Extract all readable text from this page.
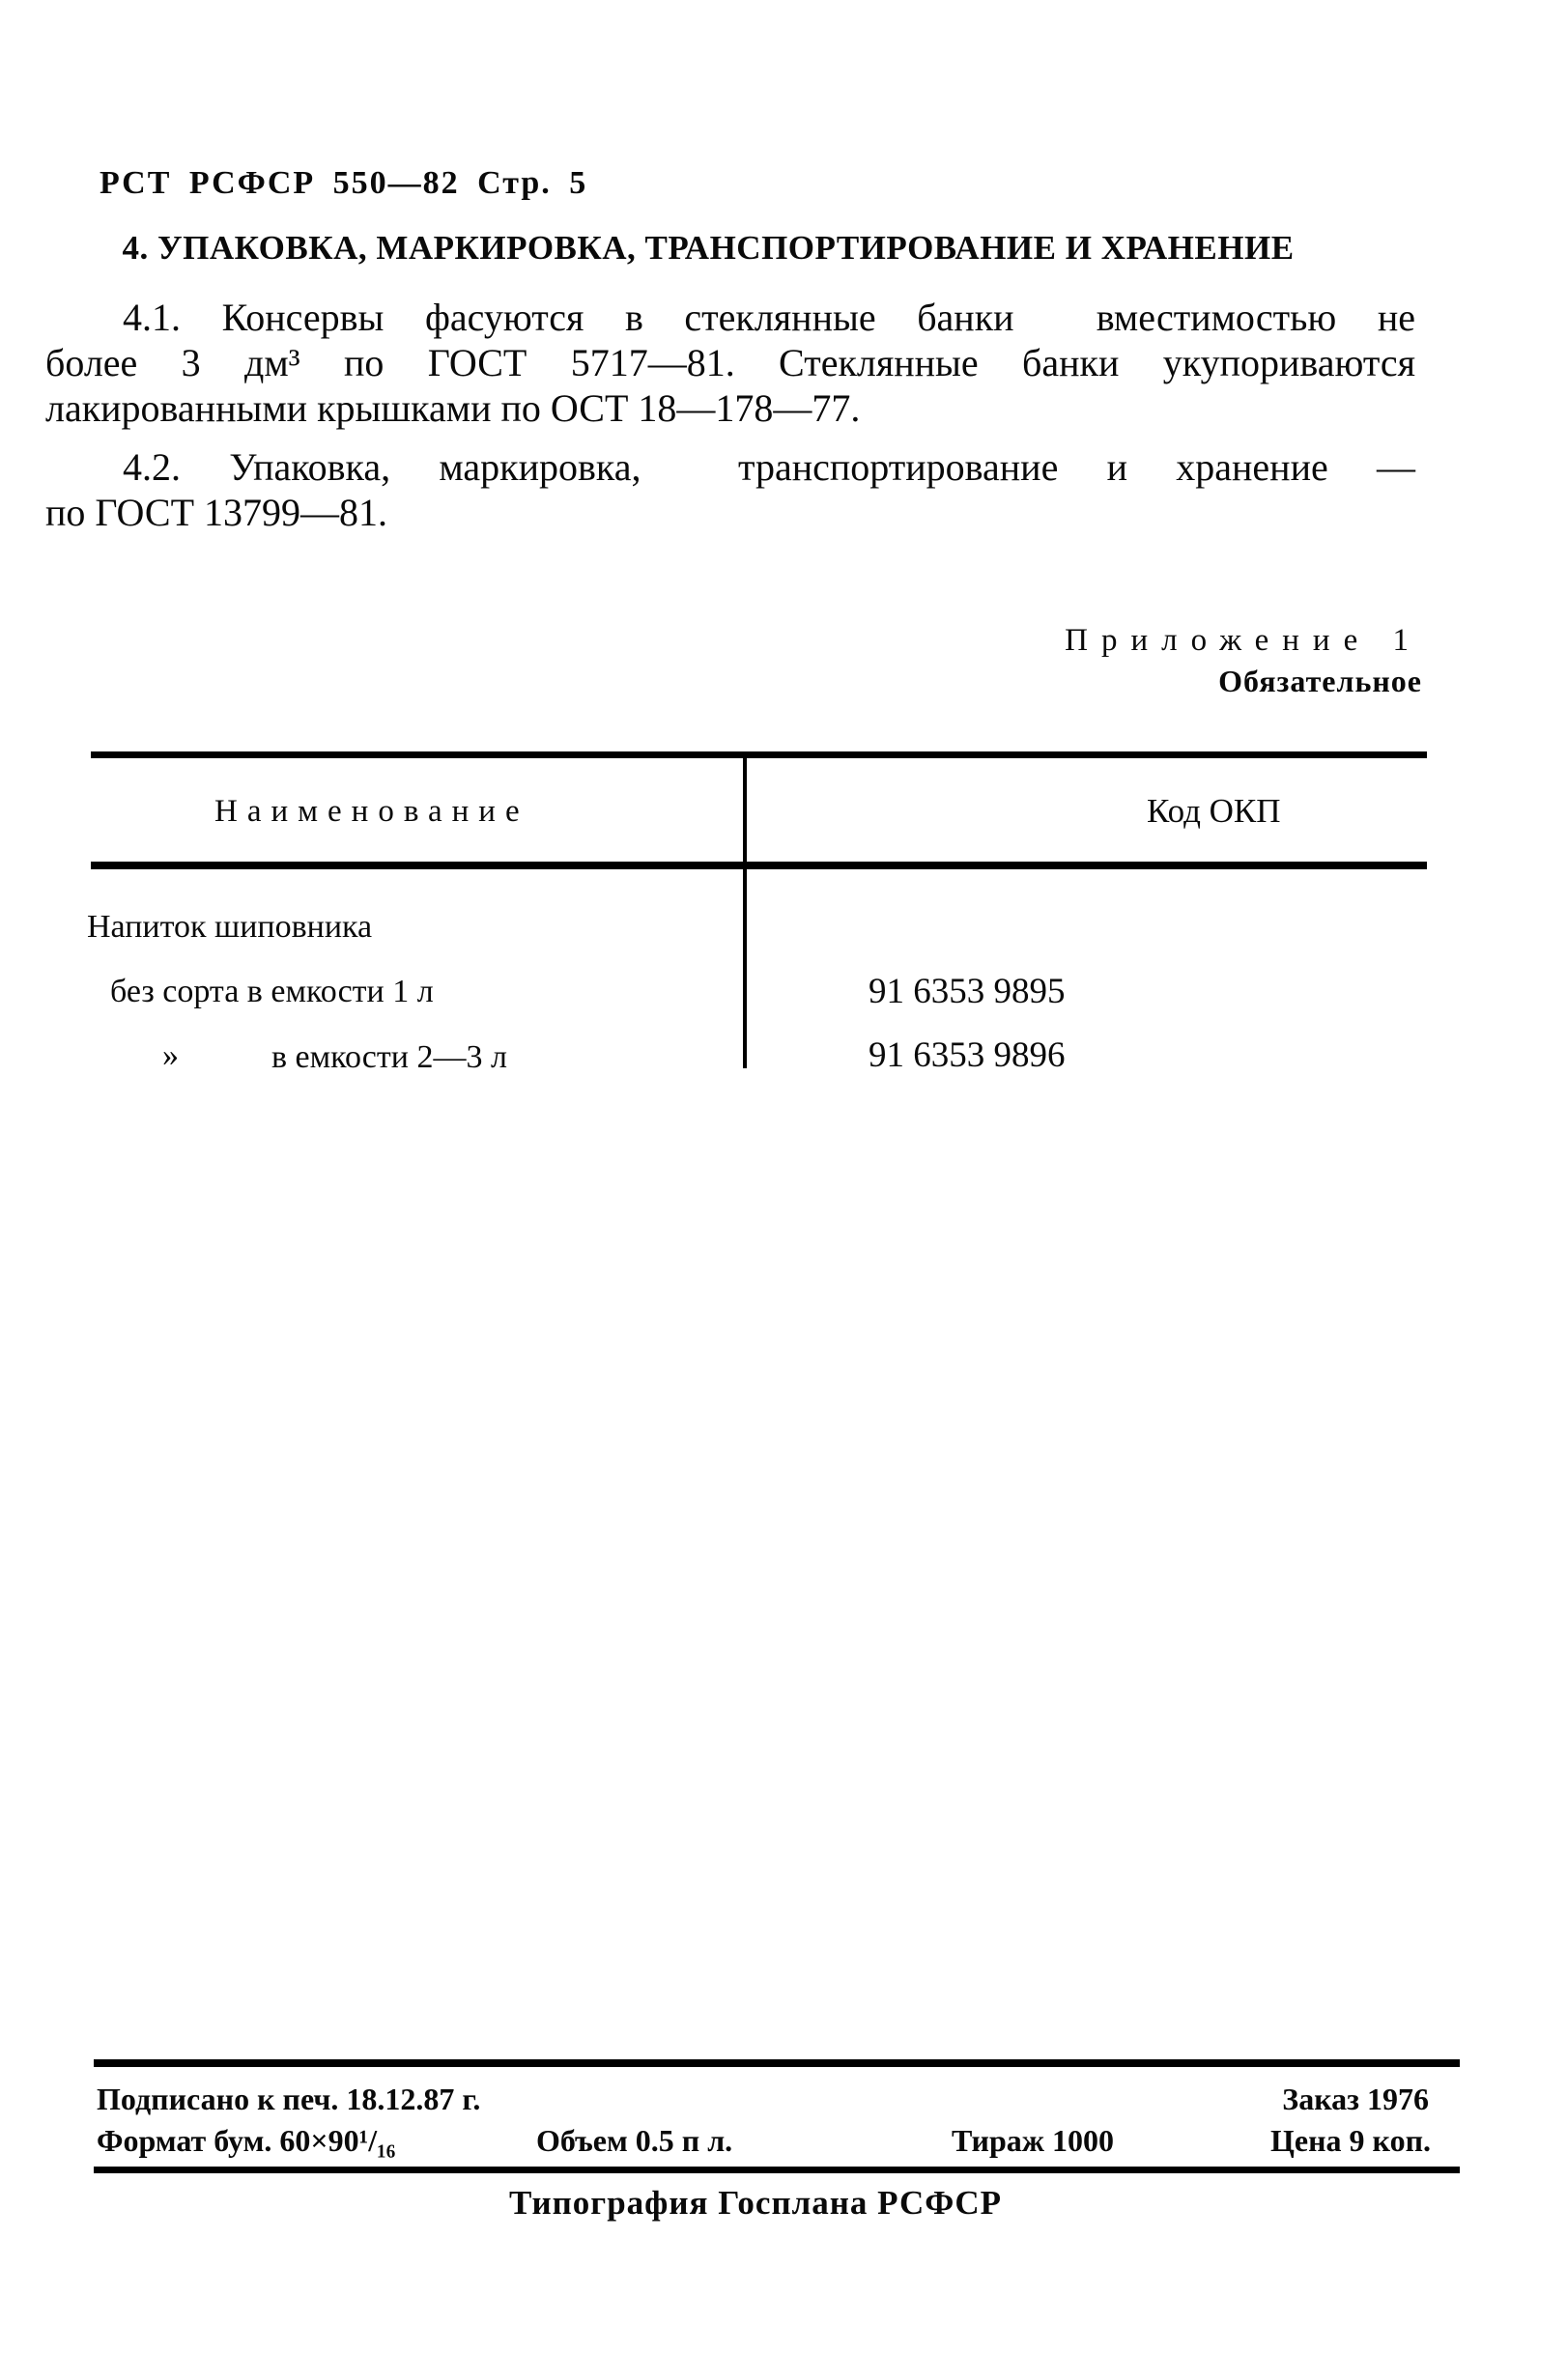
РСТ РСФСР 550—82 Стр. 5
4. УПАКОВКА, МАРКИРОВКА, ТРАНСПОРТИРОВАНИЕ И ХРАНЕНИЕ
4.1. Консервы фасуются в стеклянные банки  вместимостью не
более 3 дм³ по ГОСТ 5717—81. Стеклянные банки укупориваются
лакированными крышками по ОСТ 18—178—77.
4.2. Упаковка, маркировка,  транспортирование и хранение —
по ГОСТ 13799—81.
Приложение 1
Обязательное
Наименование	Код ОКП
Напиток шиповника
без сорта в емкости 1 л	91 6353 9895
»	в емкости 2—3 л	91 6353 9896
Подписано к печ. 18.12.87 г.	Заказ 1976
Формат бум. 60×90¹/₁₆	Объем 0.5 п л.	Тираж 1000	Цена 9 коп.
Типография Госплана РСФСР
